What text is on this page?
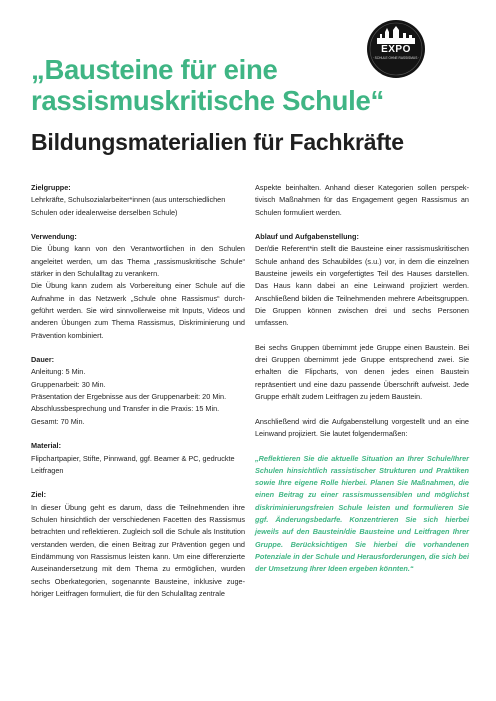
EXPO
· SCHULE OHNE RASSISMUS ·
„Bausteine für eine
rassismuskritische Schule“
Bildungsmaterialien für Fachkräfte
Zielgruppe:
Lehrkräfte, Schulsozialarbeiter*innen (aus unterschiedlichen
Schulen oder idealerweise derselben Schule)
Verwendung:

Die Übung kann von den Verantwortlichen in den Schulen angeleitet werden, um das Thema „rassismuskritische Schule“ stärker in den Schulalltag zu verankern.

Die Übung kann zudem als Vorbereitung einer Schule auf die Aufnahme in das Netzwerk „Schule ohne Rassismus“ durchgeführt werden. Sie wird sinnvollerweise mit Inputs, Videos und anderen Übungen zum Thema Rassismus, Diskriminierung und Prävention kombiniert.

Dauer:
Anleitung: 5 Min.
Gruppenarbeit: 30 Min.
Präsentation der Ergebnisse aus der Gruppenarbeit: 20 Min.
Abschlussbesprechung und Transfer in die Praxis: 15 Min.
Gesamt: 70 Min.
Material:
Flipchartpapier, Stifte, Pinnwand, ggf. Beamer & PC, gedruckte
Leitfragen
Ziel:

In dieser Übung geht es darum, dass die Teilnehmenden ihre Schulen hinsichtlich der verschiedenen Facetten des Rassismus betrachten und reflektieren. Zugleich soll die Schule als Institution verstanden werden, die einen Beitrag zur Prävention gegen und Eindämmung von Rassismus leisten kann. Um eine differenzierte Auseinandersetzung mit dem Thema zu ermöglichen, wurden sechs Oberkategorien, sogenannte Bausteine, inklusive zugehöriger Leitfragen formuliert, die für den Schulalltag zentrale

Aspekte beinhalten. Anhand dieser Kategorien sollen perspektivisch Maßnahmen für das Engagement gegen Rassismus an Schulen formuliert werden.

Ablauf und Aufgabenstellung:

Der/die Referent*in stellt die Bausteine einer rassismuskritischen Schule anhand des Schaubildes (s.u.) vor, in dem die einzelnen Bausteine jeweils ein vorgefertigtes Teil des Hauses darstellen. Das Haus kann dabei an eine Leinwand projiziert werden. Anschließend bilden die Teilnehmenden mehrere Arbeitsgruppen. Die Gruppen können zwischen drei und sechs Personen umfassen.

Bei sechs Gruppen übernimmt jede Gruppe einen Baustein. Bei drei Gruppen übernimmt jede Gruppe entsprechend zwei. Sie erhalten die Flipcharts, von denen jedes einen Baustein repräsentiert und eine dazu passende Überschrift aufweist. Jede Gruppe erhält zudem Leitfragen zu jedem Baustein.

Anschließend wird die Aufgabenstellung vorgestellt und an eine Leinwand projiziert. Sie lautet folgendermaßen:

„Reflektieren Sie die aktuelle Situation an Ihrer Schule/Ihrer Schulen hinsichtlich rassistischer Strukturen und Praktiken sowie Ihre eigene Rolle hierbei. Planen Sie Maßnahmen, die einen Beitrag zu einer rassismussensiblen und möglichst diskriminierungsfreien Schule leisten und formulieren Sie ggf. Änderungsbedarfe. Konzentrieren Sie sich hierbei jeweils auf den Baustein/die Bausteine und Leitfragen Ihrer Gruppe. Berücksichtigen Sie hierbei die vorhandenen Potenziale in der Schule und Herausforderungen, die sich bei der Umsetzung Ihrer Ideen ergeben könnten.“
